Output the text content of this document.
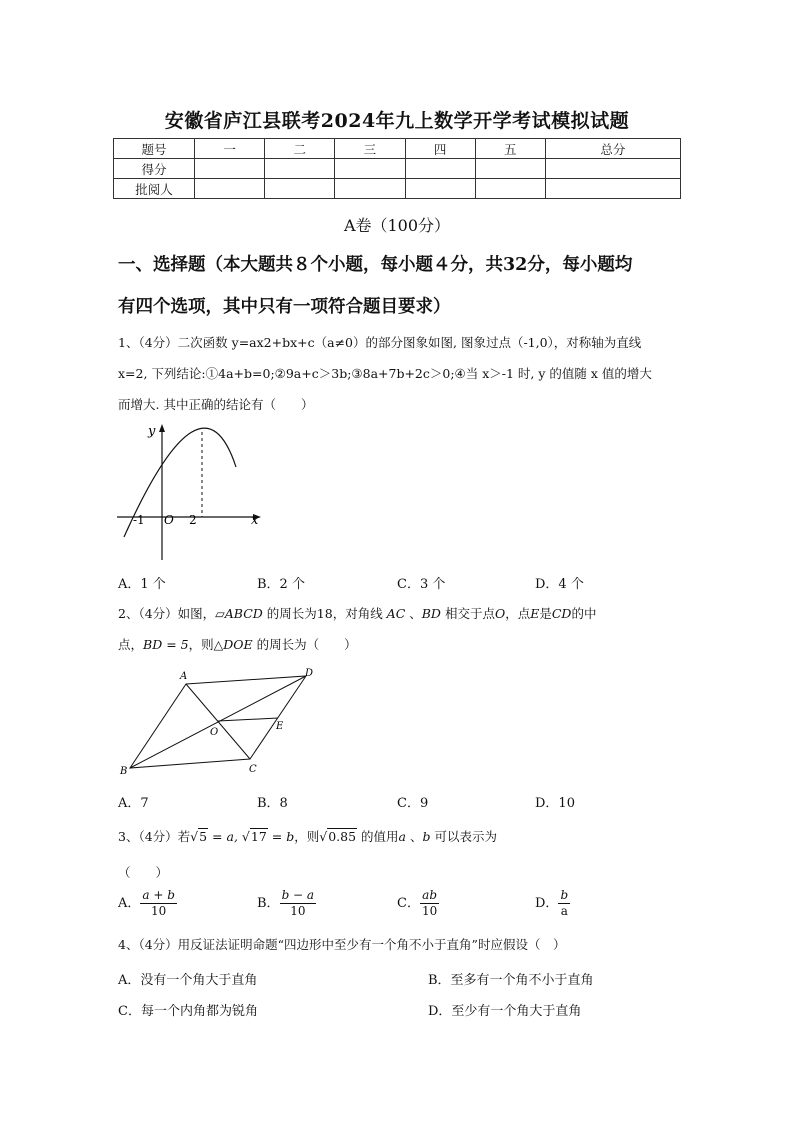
安徽省庐江县联考2024年九上数学开学考试模拟试题
题号	一	二	三	四	五	总分
得分						
批阅人						
A卷（100分）
一、选择题（本大题共８个小题，每小题４分，共32分，每小题均
有四个选项，其中只有一项符合题目要求）
1、（4分）二次函数 y=ax2+bx+c（a≠0）的部分图象如图, 图象过点（-1,0），对称轴为直线
x=2, 下列结论:①4a+b=0;②9a+c＞3b;③8a+7b+2c＞0;④当 x＞-1 时, y 的值随 x 值的增大
而增大. 其中正确的结论有（　　）
y
x
-1 O 2
A．1 个	B．2 个	C．3 个	D．4 个
2、（4分）如图，▱ABCD 的周长为18，对角线 AC 、BD 相交于点O，点E是CD的中
点，BD = 5，则△DOE 的周长为（　　）
A	D
C
B
O
E
A．7	B．8	C．9	D．10
3、（4分）若√5 = a, √17 = b，则√0.85 的值用a 、b 可以表示为
（　　）
A． $\frac{a + b}{10}$	B． $\frac{b - a}{10}$	C． $\frac{ab}{10}$	D． $\frac{b}{a}$
4、（4分）用反证法证明命题“四边形中至少有一个角不小于直角”时应假设（　）
A．没有一个角大于直角	B．至多有一个角不小于直角
C．每一个内角都为锐角	D．至少有一个角大于直角
